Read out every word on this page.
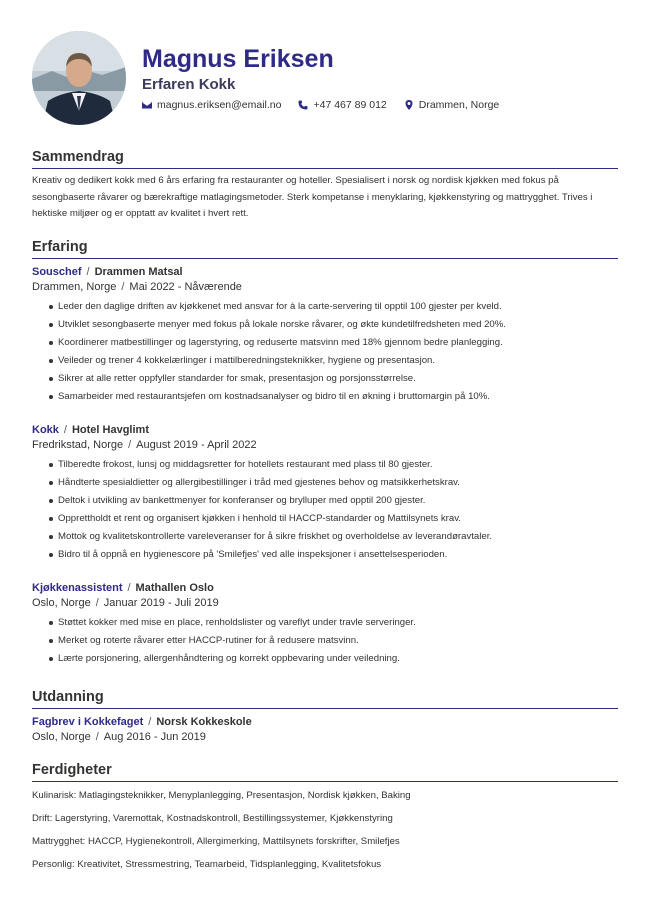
Magnus Eriksen
Erfaren Kokk
magnus.eriksen@email.no	+47 467 89 012	Drammen, Norge
Sammendrag

Kreativ og dedikert kokk med 6 års erfaring fra restauranter og hoteller. Spesialisert i norsk og nordisk kjøkken med fokus på sesongbaserte råvarer og bærekraftige matlagingsmetoder. Sterk kompetanse i menyklaring, kjøkkenstyring og mattrygghet. Trives i hektiske miljøer og er opptatt av kvalitet i hvert rett.

Erfaring
Souschef / Drammen Matsal
Drammen, Norge / Mai 2022 - Nåværende
Leder den daglige driften av kjøkkenet med ansvar for à la carte-servering til opptil 100 gjester per kveld.
Utviklet sesongbaserte menyer med fokus på lokale norske råvarer, og økte kundetilfredsheten med 20%.
Koordinerer matbestillinger og lagerstyring, og reduserte matsvinn med 18% gjennom bedre planlegging.
Veileder og trener 4 kokkelærlinger i mattilberedningsteknikker, hygiene og presentasjon.
Sikrer at alle retter oppfyller standarder for smak, presentasjon og porsjonsstørrelse.
Samarbeider med restaurantsjefen om kostnadsanalyser og bidro til en økning i bruttomargin på 10%.
Kokk / Hotel Havglimt
Fredrikstad, Norge / August 2019 - April 2022
Tilberedte frokost, lunsj og middagsretter for hotellets restaurant med plass til 80 gjester.
Håndterte spesialdietter og allergibestillinger i tråd med gjestenes behov og matsikkerhetskrav.
Deltok i utvikling av bankettmenyer for konferanser og brylluper med opptil 200 gjester.
Opprettholdt et rent og organisert kjøkken i henhold til HACCP-standarder og Mattilsynets krav.
Mottok og kvalitetskontrollerte vareleveranser for å sikre friskhet og overholdelse av leverandøravtaler.
Bidro til å oppnå en hygienescore på 'Smilefjes' ved alle inspeksjoner i ansettelsesperioden.
Kjøkkenassistent / Mathallen Oslo
Oslo, Norge / Januar 2019 - Juli 2019
Støttet kokker med mise en place, renholdslister og vareflyt under travle serveringer.
Merket og roterte råvarer etter HACCP-rutiner for å redusere matsvinn.
Lærte porsjonering, allergenhåndtering og korrekt oppbevaring under veiledning.
Utdanning
Fagbrev i Kokkefaget / Norsk Kokkeskole
Oslo, Norge / Aug 2016 - Jun 2019
Ferdigheter
Kulinarisk: Matlagingsteknikker, Menyplanlegging, Presentasjon, Nordisk kjøkken, Baking
Drift: Lagerstyring, Varemottak, Kostnadskontroll, Bestillingssystemer, Kjøkkenstyring
Mattrygghet: HACCP, Hygienekontroll, Allergimerking, Mattilsynets forskrifter, Smilefjes
Personlig: Kreativitet, Stressmestring, Teamarbeid, Tidsplanlegging, Kvalitetsfokus
